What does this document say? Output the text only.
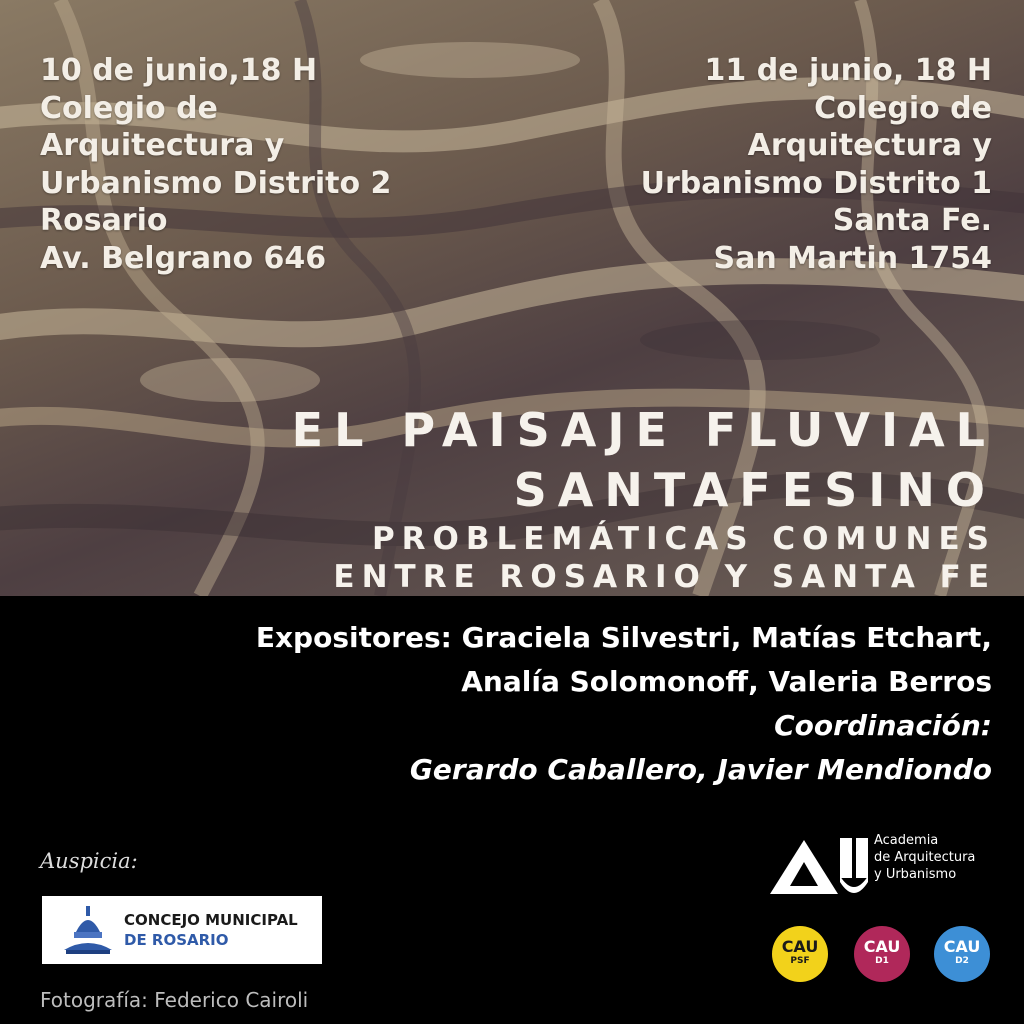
10 de junio,18 H
Colegio de
Arquitectura y
Urbanismo Distrito 2
Rosario
Av. Belgrano 646
11 de junio, 18 H
Colegio de
Arquitectura y
Urbanismo Distrito 1
Santa Fe.
San Martin 1754
EL PAISAJE FLUVIAL
SANTAFESINO
PROBLEMÁTICAS COMUNES
ENTRE ROSARIO Y SANTA FE
Expositores: Graciela Silvestri, Matías Etchart,
Analía Solomonoff, Valeria Berros
Coordinación:
Gerardo Caballero, Javier Mendiondo
Auspicia:
CONCEJO MUNICIPAL
DE ROSARIO
Fotografía: Federico Cairoli
Academia
de Arquitectura
y Urbanismo
CAU
PSF
CAU
D1
CAU
D2
